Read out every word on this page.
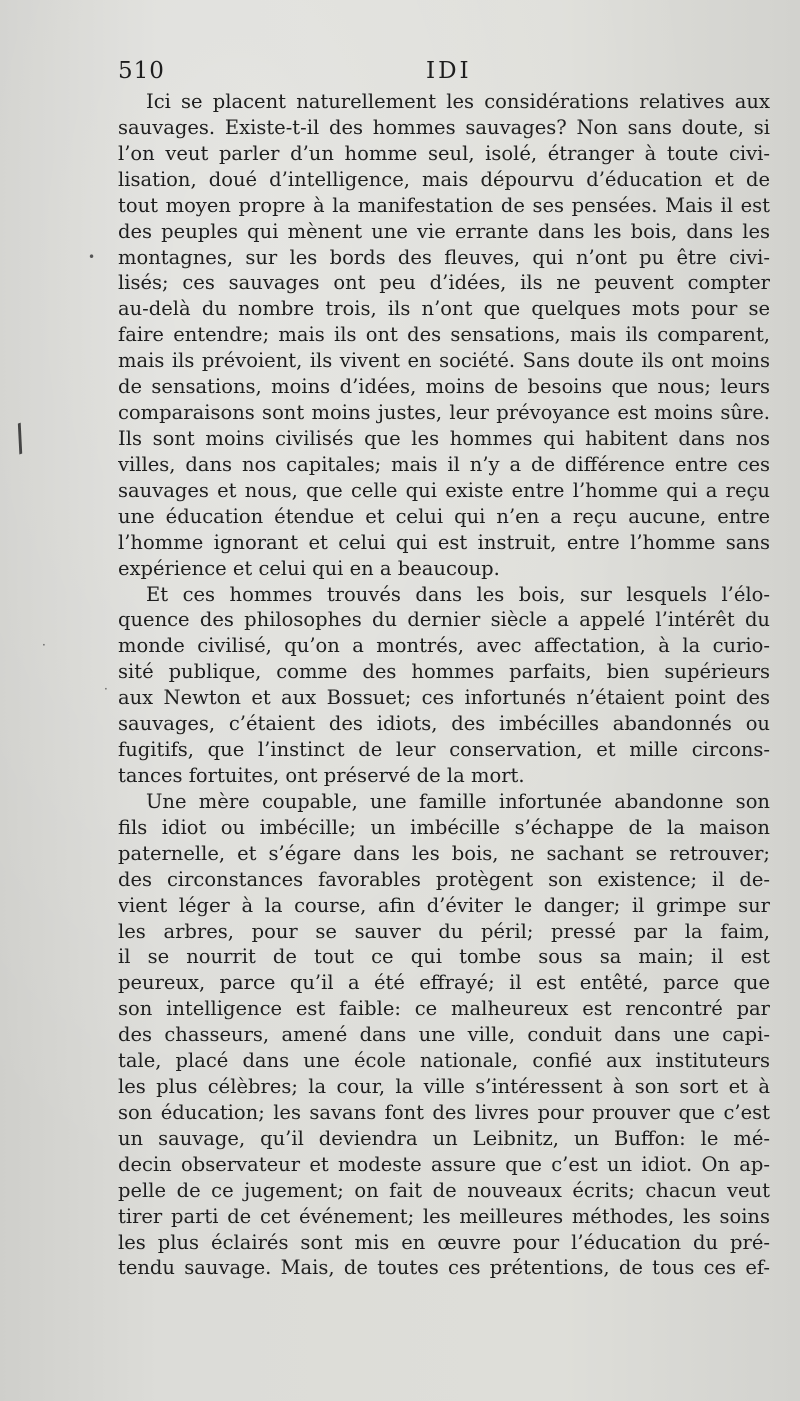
510	IDI
•
/
·
·
Ici se placent naturellement les considérations relatives aux
sauvages. Existe-t-il des hommes sauvages? Non sans doute, si
l’on veut parler d’un homme seul, isolé, étranger à toute civi-
lisation, doué d’intelligence, mais dépourvu d’éducation et de
tout moyen propre à la manifestation de ses pensées. Mais il est
des peuples qui mènent une vie errante dans les bois, dans les
montagnes, sur les bords des fleuves, qui n’ont pu être civi-
lisés; ces sauvages ont peu d’idées, ils ne peuvent compter
au-delà du nombre trois, ils n’ont que quelques mots pour se
faire entendre; mais ils ont des sensations, mais ils comparent,
mais ils prévoient, ils vivent en société. Sans doute ils ont moins
de sensations, moins d’idées, moins de besoins que nous; leurs
comparaisons sont moins justes, leur prévoyance est moins sûre.
Ils sont moins civilisés que les hommes qui habitent dans nos
villes, dans nos capitales; mais il n’y a de différence entre ces
sauvages et nous, que celle qui existe entre l’homme qui a reçu
une éducation étendue et celui qui n’en a reçu aucune, entre
l’homme ignorant et celui qui est instruit, entre l’homme sans
expérience et celui qui en a beaucoup.
Et ces hommes trouvés dans les bois, sur lesquels l’élo-
quence des philosophes du dernier siècle a appelé l’intérêt du
monde civilisé, qu’on a montrés, avec affectation, à la curio-
sité publique, comme des hommes parfaits, bien supérieurs
aux Newton et aux Bossuet; ces infortunés n’étaient point des
sauvages, c’étaient des idiots, des imbécilles abandonnés ou
fugitifs, que l’instinct de leur conservation, et mille circons-
tances fortuites, ont préservé de la mort.
Une mère coupable, une famille infortunée abandonne son
fils idiot ou imbécille; un imbécille s’échappe de la maison
paternelle, et s’égare dans les bois, ne sachant se retrouver;
des circonstances favorables protègent son existence; il de-
vient léger à la course, afin d’éviter le danger; il grimpe sur
les arbres, pour se sauver du péril; pressé par la faim,
il se nourrit de tout ce qui tombe sous sa main; il est
peureux, parce qu’il a été effrayé; il est entêté, parce que
son intelligence est faible: ce malheureux est rencontré par
des chasseurs, amené dans une ville, conduit dans une capi-
tale, placé dans une école nationale, confié aux instituteurs
les plus célèbres; la cour, la ville s’intéressent à son sort et à
son éducation; les savans font des livres pour prouver que c’est
un sauvage, qu’il deviendra un Leibnitz, un Buffon: le mé-
decin observateur et modeste assure que c’est un idiot. On ap-
pelle de ce jugement; on fait de nouveaux écrits; chacun veut
tirer parti de cet événement; les meilleures méthodes, les soins
les plus éclairés sont mis en œuvre pour l’éducation du pré-
tendu sauvage. Mais, de toutes ces prétentions, de tous ces ef-
